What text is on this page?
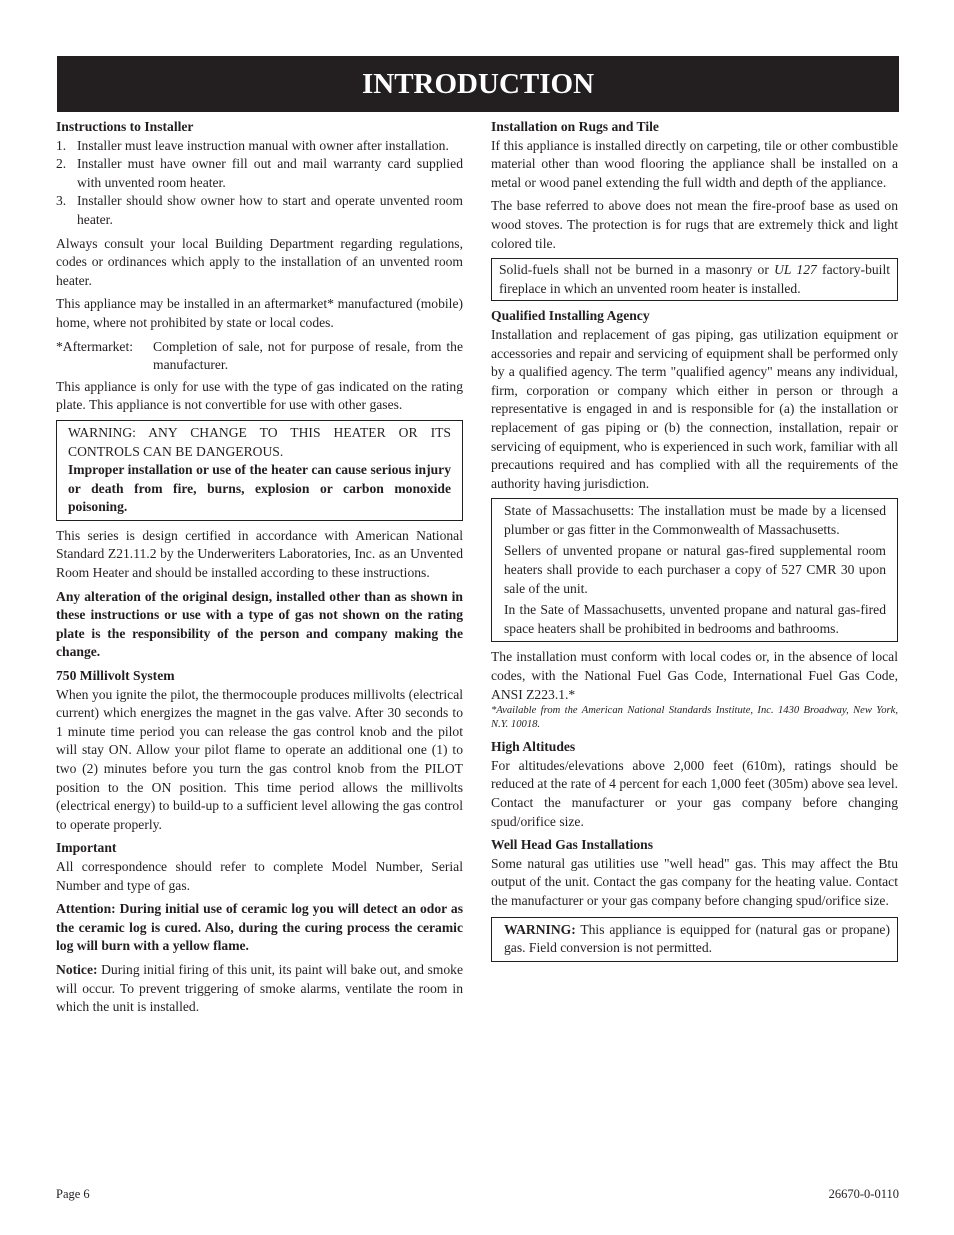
INTRODUCTION
Instructions to Installer
1. Installer must leave instruction manual with owner after installation.
2. Installer must have owner fill out and mail warranty card supplied with unvented room heater.
3. Installer should show owner how to start and operate unvented room heater.

Always consult your local Building Department regarding regulations, codes or ordinances which apply to the installation of an unvented room heater.

This appliance may be installed in an aftermarket* manufactured (mobile) home, where not prohibited by state or local codes.

*Aftermarket: Completion of sale, not for purpose of resale, from the manufacturer.

This appliance is only for use with the type of gas indicated on the rating plate. This appliance is not convertible for use with other gases.

WARNING: ANY CHANGE TO THIS HEATER OR ITS CONTROLS CAN BE DANGEROUS.

Improper installation or use of the heater can cause serious injury or death from fire, burns, explosion or carbon monoxide poisoning.

This series is design certified in accordance with American National Standard Z21.11.2 by the Underweriters Laboratories, Inc. as an Unvented Room Heater and should be installed according to these instructions.

Any alteration of the original design, installed other than as shown in these instructions or use with a type of gas not shown on the rating plate is the responsibility of the person and company making the change.

750 Millivolt System

When you ignite the pilot, the thermocouple produces millivolts (electrical current) which energizes the magnet in the gas valve. After 30 seconds to 1 minute time period you can release the gas control knob and the pilot will stay ON. Allow your pilot flame to operate an additional one (1) to two (2) minutes before you turn the gas control knob from the PILOT position to the ON position. This time period allows the millivolts (electrical energy) to build-up to a sufficient level allowing the gas control to operate properly.

Important

All correspondence should refer to complete Model Number, Serial Number and type of gas.

Attention: During initial use of ceramic log you will detect an odor as the ceramic log is cured. Also, during the curing process the ceramic log will burn with a yellow flame.

Notice: During initial firing of this unit, its paint will bake out, and smoke will occur. To prevent triggering of smoke alarms, ventilate the room in which the unit is installed.

Installation on Rugs and Tile

If this appliance is installed directly on carpeting, tile or other combustible material other than wood flooring the appliance shall be installed on a metal or wood panel extending the full width and depth of the appliance.

The base referred to above does not mean the fire-proof base as used on wood stoves. The protection is for rugs that are extremely thick and light colored tile.

Solid-fuels shall not be burned in a masonry or UL 127 factory-built fireplace in which an unvented room heater is installed.

Qualified Installing Agency

Installation and replacement of gas piping, gas utilization equipment or accessories and repair and servicing of equipment shall be performed only by a qualified agency. The term "qualified agency" means any individual, firm, corporation or company which either in person or through a representative is engaged in and is responsible for (a) the installation or replacement of gas piping or (b) the connection, installation, repair or servicing of equipment, who is experienced in such work, familiar with all precautions required and has complied with all the requirements of the authority having jurisdiction.

State of Massachusetts: The installation must be made by a licensed plumber or gas fitter in the Commonwealth of Massachusetts.

Sellers of unvented propane or natural gas-fired supplemental room heaters shall provide to each purchaser a copy of 527 CMR 30 upon sale of the unit.

In the Sate of Massachusetts, unvented propane and natural gas-fired space heaters shall be prohibited in bedrooms and bathrooms.

The installation must conform with local codes or, in the absence of local codes, with the National Fuel Gas Code, International Fuel Gas Code, ANSI Z223.1.*

*Available from the American National Standards Institute, Inc. 1430 Broadway, New York, N.Y. 10018.

High Altitudes

For altitudes/elevations above 2,000 feet (610m), ratings should be reduced at the rate of 4 percent for each 1,000 feet (305m) above sea level. Contact the manufacturer or your gas company before changing spud/orifice size.

Well Head Gas Installations

Some natural gas utilities use "well head" gas. This may affect the Btu output of the unit. Contact the gas company for the heating value. Contact the manufacturer or your gas company before changing spud/orifice size.

WARNING: This appliance is equipped for (natural gas or propane) gas. Field conversion is not permitted.

Page 6	26670-0-0110
